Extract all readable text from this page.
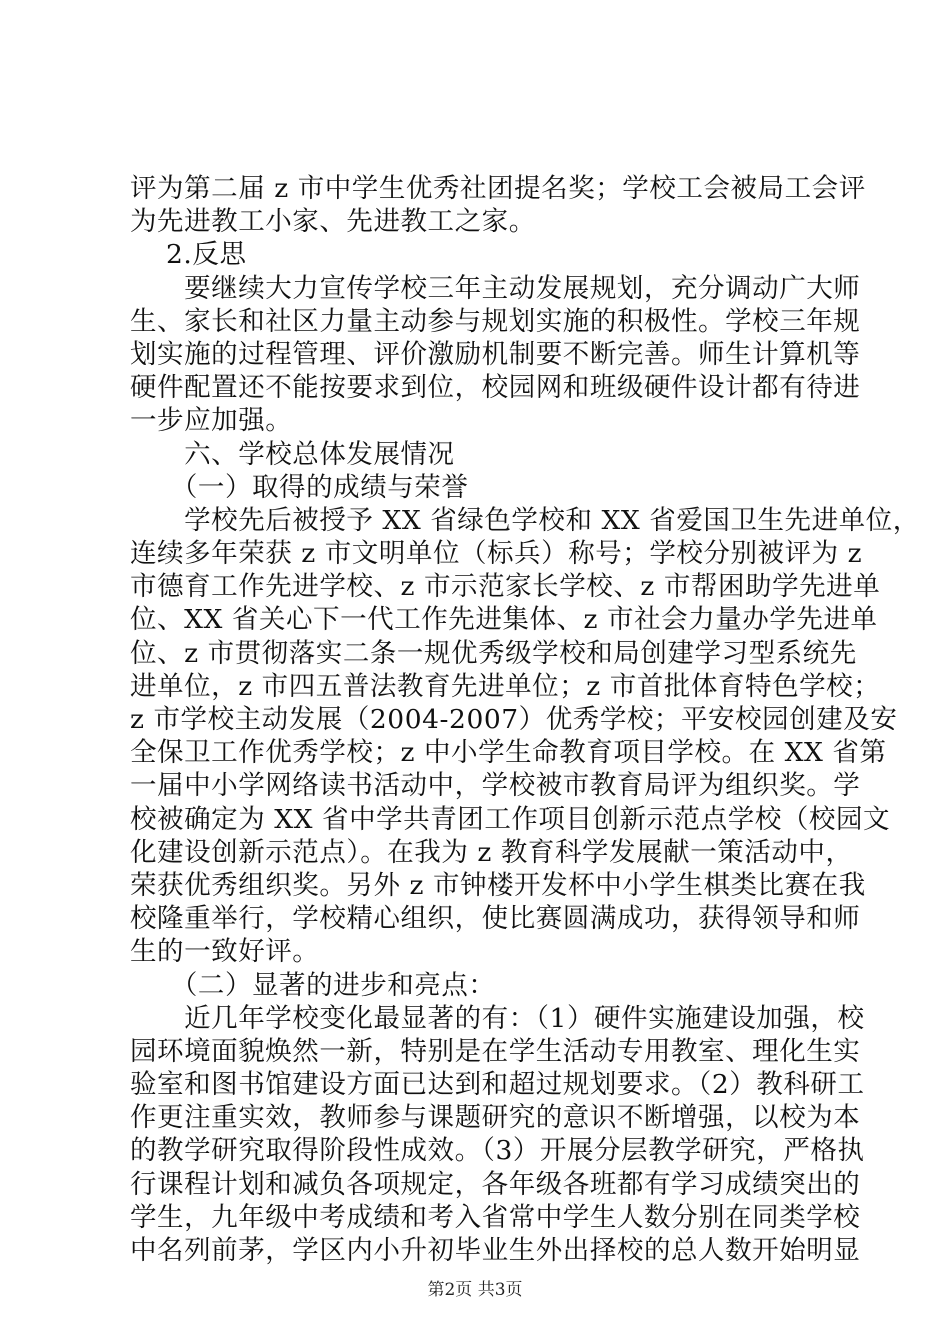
评为第二届 z 市中学生优秀社团提名奖；学校工会被局工会评
为先进教工小家、先进教工之家。
　 2.反思
　　要继续大力宣传学校三年主动发展规划，充分调动广大师
生、家长和社区力量主动参与规划实施的积极性。学校三年规
划实施的过程管理、评价激励机制要不断完善。师生计算机等
硬件配置还不能按要求到位，校园网和班级硬件设计都有待进
一步应加强。
　　六、学校总体发展情况
　　（一）取得的成绩与荣誉
　　学校先后被授予 XX 省绿色学校和 XX 省爱国卫生先进单位，
连续多年荣获 z 市文明单位（标兵）称号；学校分别被评为 z
市德育工作先进学校、z 市示范家长学校、z 市帮困助学先进单
位、XX 省关心下一代工作先进集体、z 市社会力量办学先进单
位、z 市贯彻落实二条一规优秀级学校和局创建学习型系统先
进单位，z 市四五普法教育先进单位；z 市首批体育特色学校；
z 市学校主动发展（2004-2007）优秀学校；平安校园创建及安
全保卫工作优秀学校；z 中小学生命教育项目学校。在 XX 省第
一届中小学网络读书活动中，学校被市教育局评为组织奖。学
校被确定为 XX 省中学共青团工作项目创新示范点学校（校园文
化建设创新示范点）。在我为 z 教育科学发展献一策活动中，
荣获优秀组织奖。另外 z 市钟楼开发杯中小学生棋类比赛在我
校隆重举行，学校精心组织，使比赛圆满成功，获得领导和师
生的一致好评。
　　（二）显著的进步和亮点：
　　近几年学校变化最显著的有：（1）硬件实施建设加强，校
园环境面貌焕然一新，特别是在学生活动专用教室、理化生实
验室和图书馆建设方面已达到和超过规划要求。（2）教科研工
作更注重实效，教师参与课题研究的意识不断增强，以校为本
的教学研究取得阶段性成效。（3）开展分层教学研究，严格执
行课程计划和减负各项规定，各年级各班都有学习成绩突出的
学生，九年级中考成绩和考入省常中学生人数分别在同类学校
中名列前茅，学区内小升初毕业生外出择校的总人数开始明显
第2页 共3页
